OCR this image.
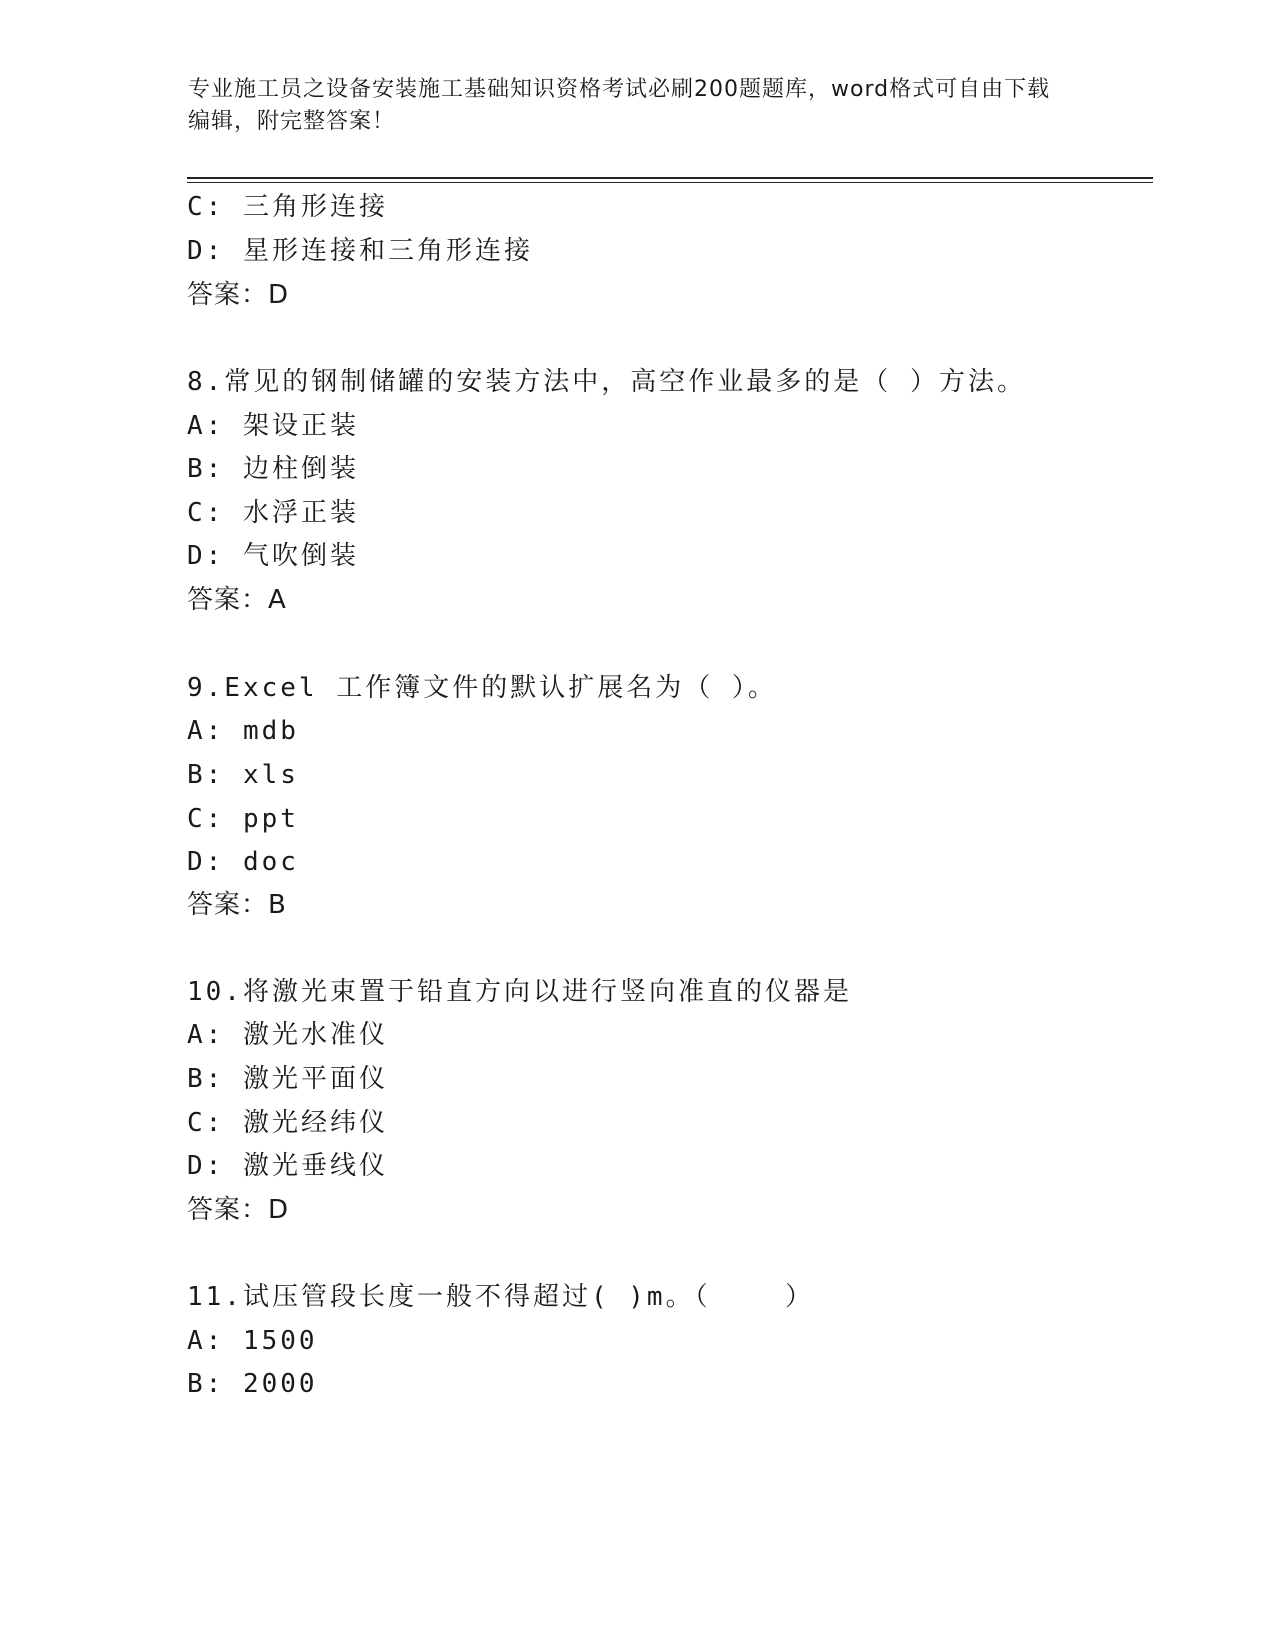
专业施工员之设备安装施工基础知识资格考试必刷200题题库，word格式可自由下载编辑，附完整答案！
C: 三角形连接
D: 星形连接和三角形连接
答案：D
8.常见的钢制储罐的安装方法中，高空作业最多的是（ ）方法。
A: 架设正装
B: 边柱倒装
C: 水浮正装
D: 气吹倒装
答案：A
9.Excel 工作簿文件的默认扩展名为（ ）。
A: mdb
B: xls
C: ppt
D: doc
答案：B
10.将激光束置于铅直方向以进行竖向准直的仪器是
A: 激光水准仪
B: 激光平面仪
C: 激光经纬仪
D: 激光垂线仪
答案：D
11.试压管段长度一般不得超过( )m。（    ）
A: 1500
B: 2000
